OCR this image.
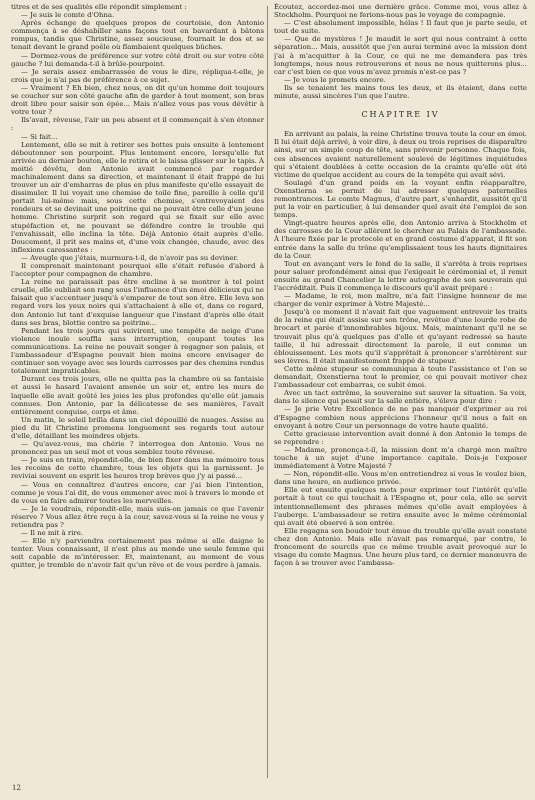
titres et de ses qualités elle répondit simplement :

— Je suis le comte d'Ohna.

Après échange de quelques propos de courtoisie, don Antonio commença à se déshabiller sans façons tout en bavardant à bâtons rompus, tandis que Christine, assez soucieuse, fournait le dos et se tenait devant le grand poêle où flambaient quelques bûches.

— Dormez-vous de préférence sur votre côté droit ou sur votre côté gauche ? lui demanda-t-il à brûle-pourpoint.

— Je serais assez embarrassée de vous le dire, répliqua-t-elle, je crois que je n'ai pas de préférence à ce sujet.

— Vraiment ? Eh bien, chez nous, on dit qu'un homme doit toujours se coucher sur son côté gauche afin de garder à tout moment, son bras droit libre pour saisir son épée... Mais n'allez vous pas vous dévêtir à votre tour ?

Ils'avait, rêveuse, l'air un peu absent et il commençait à s'en étonner :

— Si fait...

Lentement, elle se mit à retirer ses bottes puis ensuite à lentement déboutonner son pourpoint. Plus lentement encore, lorsqu'elle fut arrivée au dernier bouton, elle le retira et le laissa glisser sur le tapis. À moitié dévêtu, don Antonio avait commencé par regarder machinalement dans sa direction, et maintenant il était frappé de lui trouver un air d'embarras de plus en plus manifeste qu'elle essayait de dissimuler. Il lui voyait une chemise de toile fine, pareille à celle qu'il portait lui-même mais, sous cette chemise, s'entrevoyaient des rondeurs et se devinait une poitrine qui ne pouvait être celle d'un jeune homme. Christine surprit son regard qui se fixait sur elle avec stupéfaction et, ne pouvant se défendre contre le trouble qui l'envahissait, elle inclina la tête. Déjà Antonio était auprès d'elle. Doucement, il prit ses mains et, d'une voix changée, chaude, avec des inflexions caressantes :

— Aveugle que j'étais, murmura-t-il, de n'avoir pas su deviner.

Il comprenait maintenant pourquoi elle s'était refusée d'abord à l'accepter pour compagnon de chambre.

La reine ne paraissait pas être encline à se montrer à tel point cruelle, elle oubliait son rang sous l'influence d'un émoi délicieux qui ne faisait que s'accentuer jusqu'à s'emparer de tout son être. Elle leva son regard vers les yeux noirs qui s'attachaient à elle et, dans ce regard, don Antonio lut tant d'exquise langueur que l'instant d'après elle était dans ses bras, blottie contre sa poitrine...

Pendant les trois jours qui suivirent, une tempête de neige d'une violence inouïe souffla sans interruption, coupant toutes les communications. La reine ne pouvait songer à regagner son palais, et l'ambassadeur d'Espagne pouvait bien moins encore envisager de continuer son voyage avec ses lourds carrosses par des chemins rendus totalement impraticables.

Durant ces trois jours, elle ne quitta pas la chambre où sa fantaisie et aussi le hasard l'avaient amenée un soir et, entre les murs de laquelle elle avait goûté les joies les plus profondes qu'elle eût jamais connues. Don Antonio, par la délicatesse de ses manières, l'avait entièrement conquise, corps et âme.

Un matin, le soleil brilla dans un ciel dépouillé de nuages. Assise au pied du lit Christine promena longuement ses regards tout autour d'elle, détaillant les moindres objets.

— Qu'avez-vous, ma chérie ? interrogea don Antonio. Vous ne prononcez pas un seul mot et vous semblez toute rêveuse.

— Je suis en train, répondit-elle, de bien fixer dans ma mémoire tous les recoins de cette chambre, tous les objets qui la garnissent. Je reviviai souvent en esprit les heures trop brèves que j'y ai passé...

— Vous en connaîtrez d'autres encore, car j'ai bien l'intention, comme je vous l'ai dit, de vous emmener avec moi à travers le monde et de vous en faire admirer toutes les merveilles.

— Je le voudrais, répondit-elle, mais suis-on jamais ce que l'avenir réserve ? Vous allez être reçu à la cour, savez-vous si la reine ne vous y retiendra pas ?

— Il ne mit à rire.

— Elle n'y parviendra certainement pas même si elle daigne le tenter. Vous connaissant, il n'est plus au monde une seule femme qui soit capable de m'intéresser. Et, maintenant, au moment de vous quitter, je tremble de n'avoir fait qu'un rêve et de vous perdre à jamais.

Écoutez, accordez-moi une dernière grâce. Comme moi, vous allez à Stockholm. Pourquoi ne ferions-nous pas le voyage de compagnie.

— C'est absolument impossible, hélas ! Il faut que je parte seule, et tout de suite.

— Que de mystères ! Je maudit le sort qui nous contraint à cette séparation... Mais, aussitôt que j'en aurai terminé avec la mission dont j'ai à m'acquitter à la Cour, ce qui ne me demandera pas très longtemps, nous nous retrouverons et nous ne nous quitterons plus... car c'est bien ce que vous m'avez promis n'est-ce pas ?

— Je vous le promets encore.

Ils se tenaient les mains tous les deux, et ils étaient, dans cette minute, aussi sincères l'un que l'autre.

CHAPITRE IV

En arrivant au palais, la reine Christine trouva toute la cour en émoi. Il lui était déjà arrivé, à voir dire, à deux ou trois reprises de disparaître ainsi, sur un simple coup de tête, sans prévenir personne. Chaque fois, ces absences avaient naturellement soulevé de légitimes inquiétudes qui s'étaient doublées à cette occasion de la crainte qu'elle eût été victime de quelque accident au cours de la tempête qui avait sévi.

Soulagé d'un grand poids en la voyant enfin réapparaître, Oxenstierna se permit de lui adresser quelques paternelles remontrances. Le comte Magnus, d'autre part, s'enhardit, aussitôt qu'il put la voir en particulier, à lui demander quel avait été l'emploi de son temps.

Vingt-quatre heures après elle, don Antonio arriva à Stockholm et des carrosses de la Cour allèrent le chercher au Palais de l'ambassade. À l'heure fixée par le protocole et en grand costume d'apparat, il fit son entrée dans la salle du trône qu'emplissaient tous les hauts dignitaires de la Cour.

Tout en avançant vers le fond de la salle, il s'arrêta à trois reprises pour saluer profondément ainsi que l'exigeait le cérémonial et, il remit ensuite au grand Chancelier la lettre autographe de son souverain qui l'accréditait. Puis il commença le discours qu'il avait préparé :

— Madame, le roi, mon maître, m'a fait l'insigne honneur de me charger de venir exprimer à Votre Majesté...

Jusqu'à ce moment il n'avait fait que vaguement entrevoir les traits de la reine qui était assise sur son trône, revêtue d'une lourde robe de brocart et parée d'innombrables bijoux. Mais, maintenant qu'il ne se trouvait plus qu'à quelques pas d'elle et qu'ayant redressé sa haute taille, il lui adressait directement la parole, il eut comme un éblouissement. Les mots qu'il s'apprêtait à prononcer s'arrêtèrent sur ses lèvres. Il était manifestement frappé de stupeur.

Cette même stupeur se communiqua à toute l'assistance et l'on se demandait, Oxenstierna tout le premier, ce qui pouvait motiver chez l'ambassadeur cet embarras, ce subit émoi.

Avec un tact extrême, la souveraine sut sauver la situation. Sa voix, dans le silence qui pesait sur la salle entière, s'éleva pour dire :

— Je prie Votre Excellence de ne pas manquer d'exprimer au roi d'Espagne combien nous apprécions l'honneur qu'il nous a fait en envoyant à notre Cour un personnage de votre haute qualité.

Cette gracieuse intervention avait donné à don Antonio le temps de se reprendre :

— Madame, prononça-t-il, la mission dont m'a chargé mon maître touche à un sujet d'une importance capitale. Dois-je l'exposer immédiatement à Votre Majesté ?

— Non, répondit-elle. Vous m'en entretiendrez si vous le voulez bien, dans une heure, en audience privée.

Elle eut ensuite quelques mots pour exprimer tout l'intérêt qu'elle portait à tout ce qui touchait à l'Espagne et, pour cela, elle se servit intentionnellement des phrases mêmes qu'elle avait employées à l'auberge. L'ambassadeur se retira ensuite avec le même cérémonial qui avait été observé à son entrée.

Elle regagna son boudoir tout émue du trouble qu'elle avait constaté chez don Antonio. Mais elle n'avait pas remarqué, par contre, le froncement de sourcils que ce même trouble avait provoqué sur le visage du comte Magnus. Une heure plus tard, ce dernier manœuvra de façon à se trouver avec l'ambassa-

12
